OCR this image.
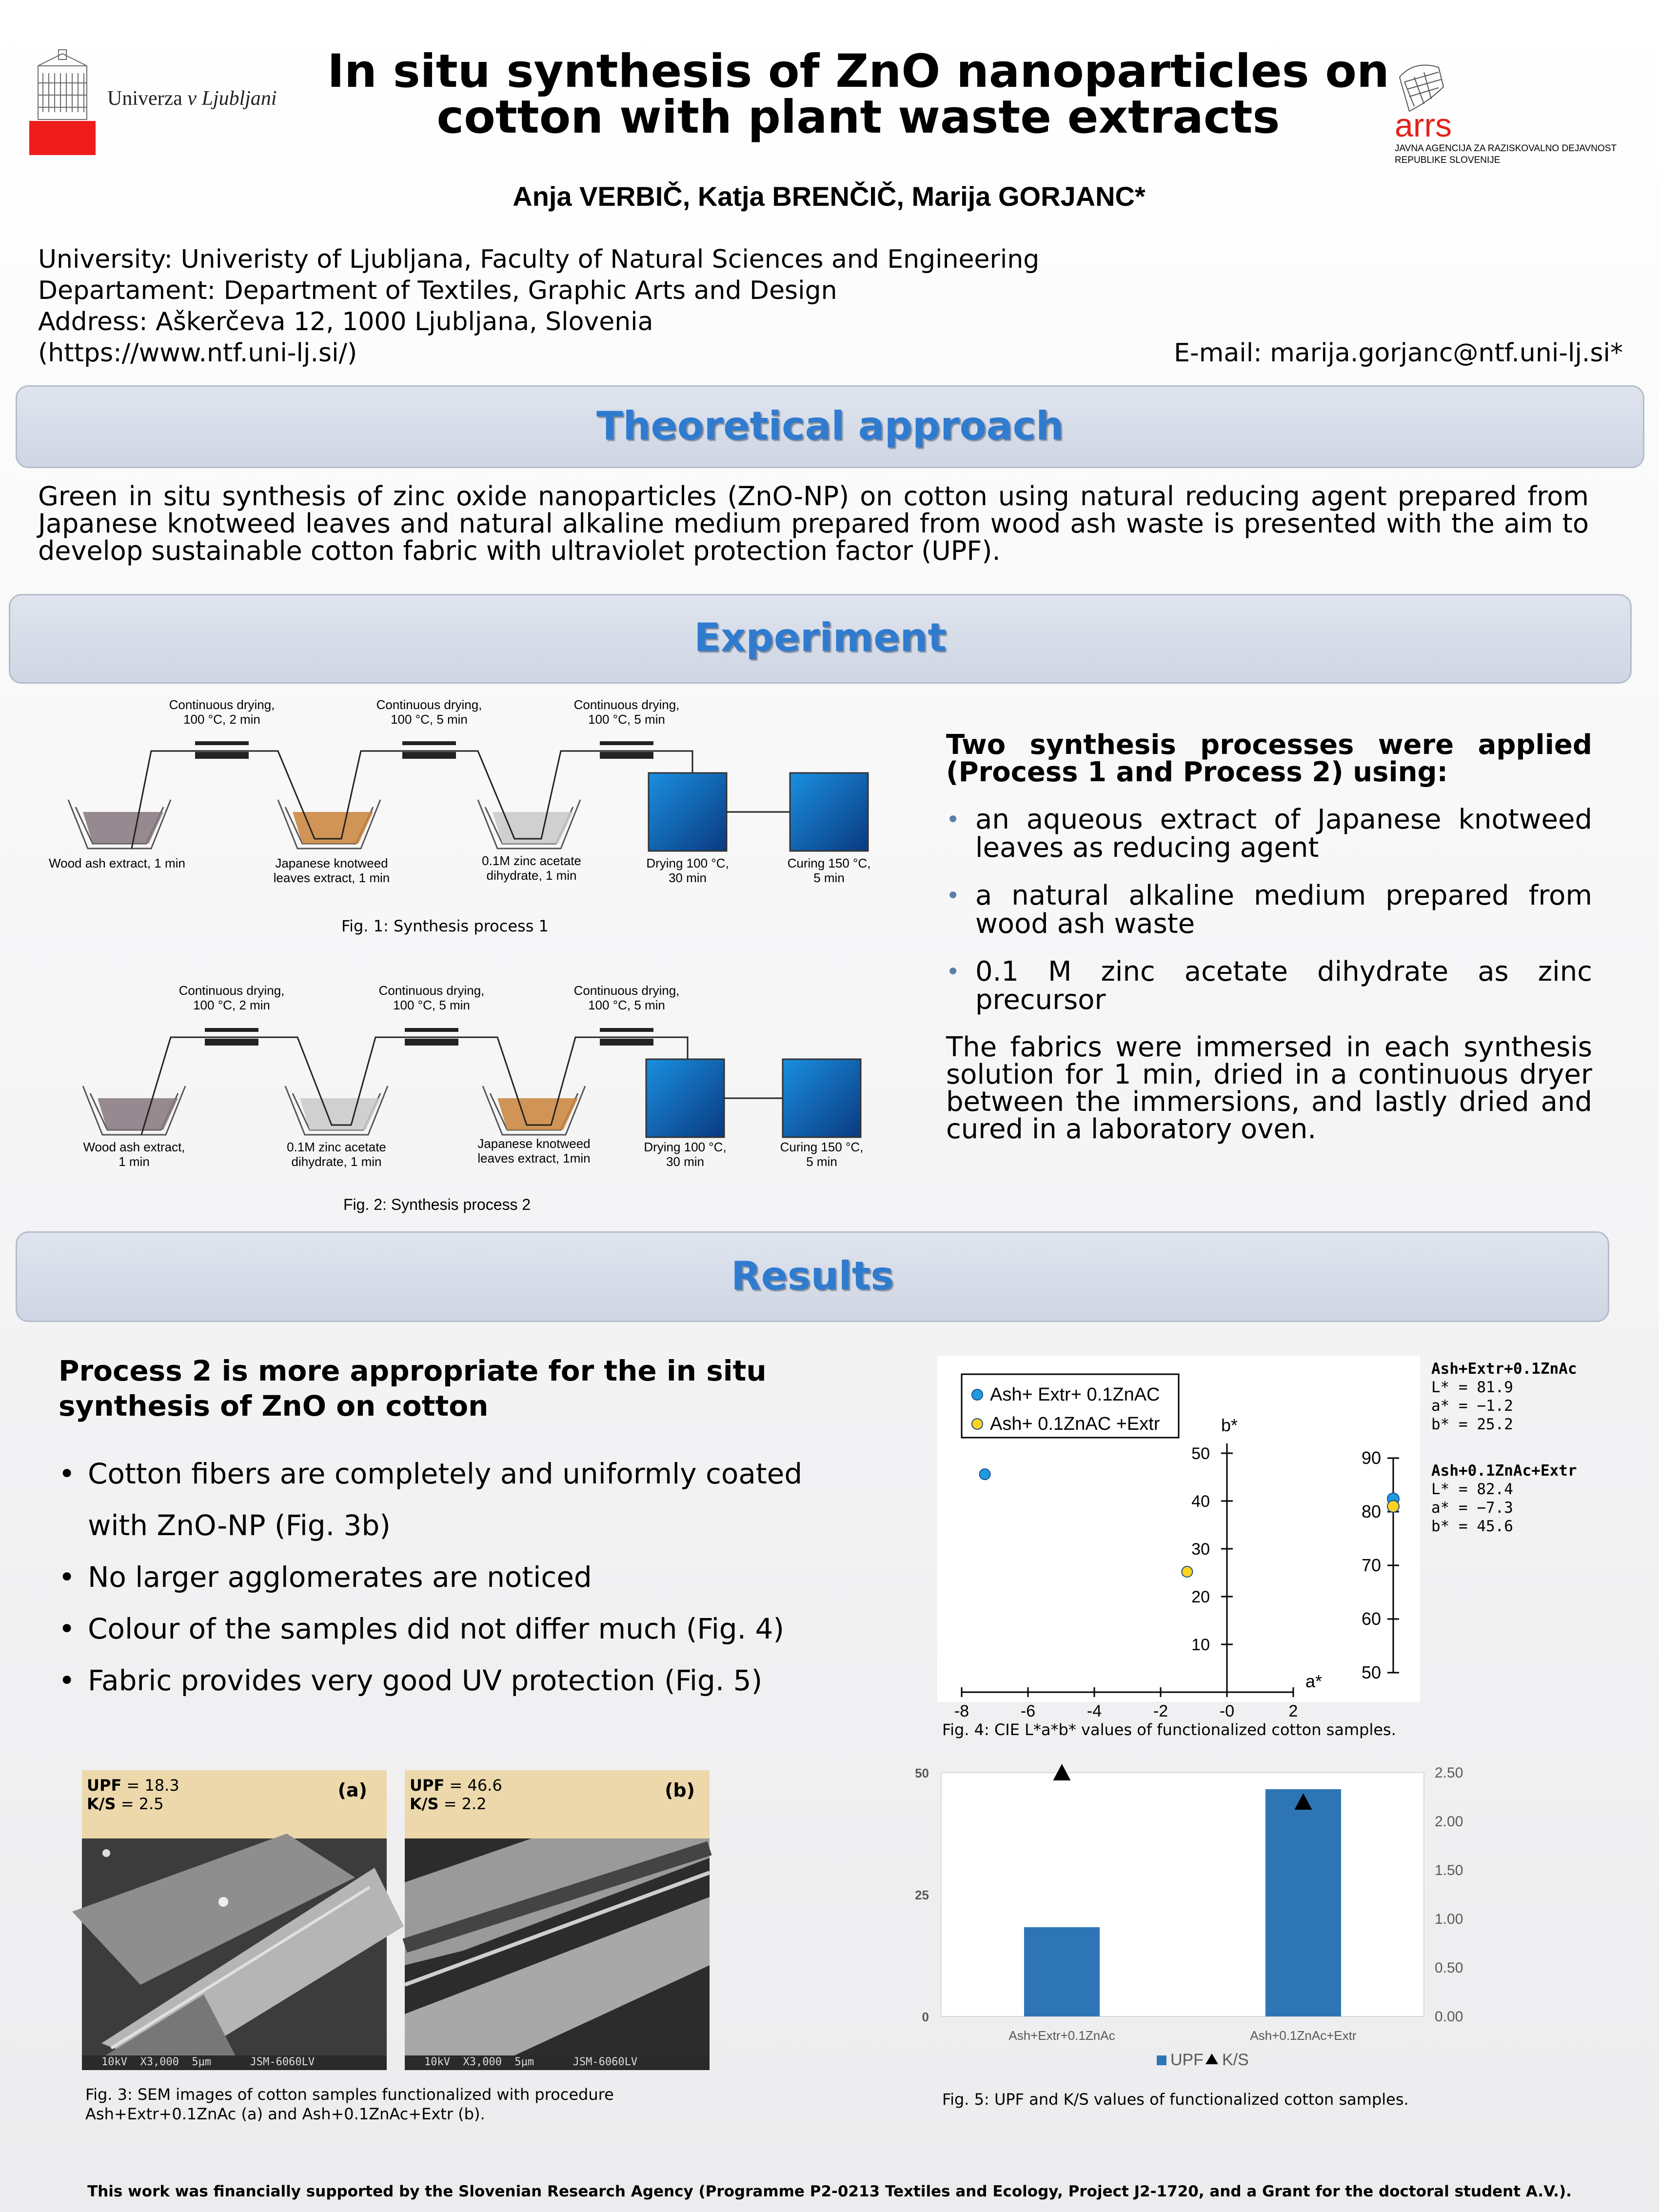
Univerza v Ljubljani
In situ synthesis of ZnO nanoparticles on
cotton with plant waste extracts	arrs
JAVNA AGENCIJA ZA RAZISKOVALNO DEJAVNOST
REPUBLIKE SLOVENIJE
Anja VERBIČ, Katja BRENČIČ, Marija GORJANC*
University: Univeristy of Ljubljana, Faculty of Natural Sciences and Engineering
Departament: Department of Textiles, Graphic Arts and Design
Address: Aškerčeva 12, 1000 Ljubljana, Slovenia
(https://www.ntf.uni-lj.si/)	E-mail: marija.gorjanc@ntf.uni-lj.si*
Theoretical approach
Green in situ synthesis of zinc oxide nanoparticles (ZnO-NP) on cotton using natural reducing agent prepared from Japanese knotweed leaves and natural alkaline medium prepared from wood ash waste is presented with the aim to develop sustainable cotton fabric with ultraviolet protection factor (UPF).
Experiment
Continuous drying,
100 °C, 2 min
Continuous drying,
100 °C, 5 min
Continuous drying,
100 °C, 5 min
Wood ash extract, 1 min	Japanese knotweed
leaves extract, 1 min
0.1M zinc acetate
dihydrate, 1 min
Drying 100 °C,
30 min
Curing 150 °C,
5 min
Fig. 1: Synthesis process 1
Continuous drying,
100 °C, 2 min
Continuous drying,
100 °C, 5 min
Continuous drying,
100 °C, 5 min
Wood ash extract,
1 min
0.1M zinc acetate
dihydrate, 1 min
Japanese knotweed
leaves extract, 1min
Drying 100 °C,
30 min
Curing 150 °C,
5 min
Fig. 2: Synthesis process 2
Two synthesis processes were applied (Process 1 and Process 2) using:
• an aqueous extract of Japanese knotweed leaves as reducing agent
• a natural alkaline medium prepared from wood ash waste
• 0.1 M zinc acetate dihydrate as zinc precursor
The fabrics were immersed in each synthesis solution for 1 min, dried in a continuous dryer between the immersions, and lastly dried and cured in a laboratory oven.
Results
Process 2 is more appropriate for the in situ
synthesis of ZnO on cotton
• Cotton fibers are completely and uniformly coated
with ZnO-NP (Fig. 3b)
• No larger agglomerates are noticed
• Colour of the samples did not differ much (Fig. 4)
• Fabric provides very good UV protection (Fig. 5)
UPF = 18.3
K/S = 2.5
(a)
10kV  X3,000  5μm      JSM-6060LV
UPF = 46.6
K/S = 2.2
(b)
10kV  X3,000  5μm      JSM-6060LV
Fig. 3: SEM images of cotton samples functionalized with procedure
Ash+Extr+0.1ZnAc (a) and Ash+0.1ZnAc+Extr (b).
-8	-6	-4	-2	-0	2
10
20
30
40
50
a*
b*
50
60
70
80
90
Ash+ Extr+ 0.1ZnAC
Ash+ 0.1ZnAC +Extr
Ash+Extr+0.1ZnAc
L* = 81.9
a* = −1.2
b* = 25.2
Ash+0.1ZnAc+Extr
L* = 82.4
a* = −7.3
b* = 45.6
Fig. 4: CIE L*a*b* values of functionalized cotton samples.
0
25
50
0.00
0.50
1.00
1.50
2.00
2.50
Ash+Extr+0.1ZnAc	Ash+0.1ZnAc+Extr
UPF K/S
Fig. 5: UPF and K/S values of functionalized cotton samples.
This work was financially supported by the Slovenian Research Agency (Programme P2-0213 Textiles and Ecology, Project J2-1720, and a Grant for the doctoral student A.V.).
